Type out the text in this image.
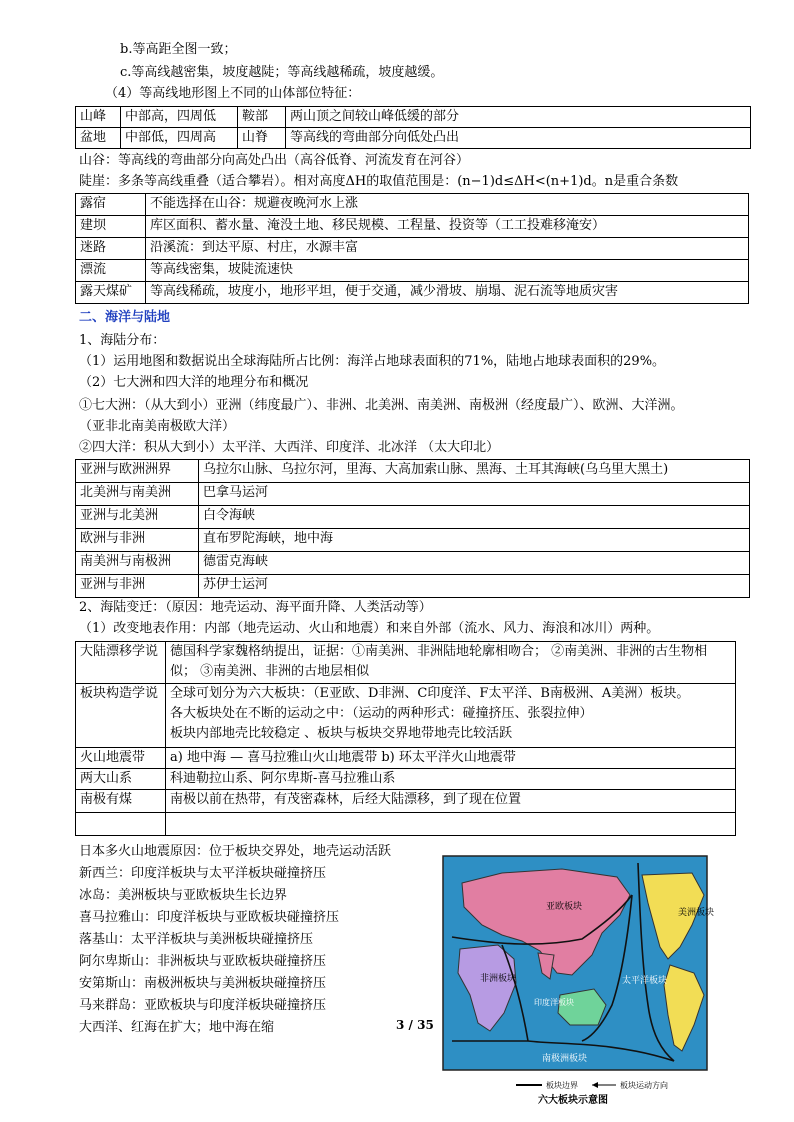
b.等高距全图一致；
c.等高线越密集，坡度越陡；等高线越稀疏，坡度越缓。
（4）等高线地形图上不同的山体部位特征：
山峰	中部高，四周低	鞍部	两山顶之间较山峰低缓的部分
盆地	中部低，四周高	山脊	等高线的弯曲部分向低处凸出
山谷：等高线的弯曲部分向高处凸出（高谷低脊、河流发育在河谷）
陡崖：多条等高线重叠（适合攀岩）。相对高度ΔH的取值范围是：(n−1)d≤ΔH<(n+1)d。n是重合条数
露宿	不能选择在山谷：规避夜晚河水上涨
建坝	库区面积、蓄水量、淹没土地、移民规模、工程量、投资等（工工投难移淹安）
迷路	沿溪流：到达平原、村庄，水源丰富
漂流	等高线密集，坡陡流速快
露天煤矿	等高线稀疏，坡度小，地形平坦，便于交通，减少滑坡、崩塌、泥石流等地质灾害
二、海洋与陆地
1、海陆分布：
（1）运用地图和数据说出全球海陆所占比例：海洋占地球表面积的71%，陆地占地球表面积的29%。
（2）七大洲和四大洋的地理分布和概况
①七大洲：（从大到小）亚洲（纬度最广）、非洲、北美洲、南美洲、南极洲（经度最广）、欧洲、大洋洲。
（亚非北南美南极欧大洋）
②四大洋：积从大到小）太平洋、大西洋、印度洋、北冰洋 （太大印北）
亚洲与欧洲洲界	乌拉尔山脉、乌拉尔河，里海、大高加索山脉、黑海、土耳其海峡(乌乌里大黑土)
北美洲与南美洲	巴拿马运河
亚洲与北美洲	白令海峡
欧洲与非洲	直布罗陀海峡，地中海
南美洲与南极洲	德雷克海峡
亚洲与非洲	苏伊士运河
2、海陆变迁：（原因：地壳运动、海平面升降、人类活动等）
（1）改变地表作用：内部（地壳运动、火山和地震）和来自外部（流水、风力、海浪和冰川）两种。
大陆漂移学说	德国科学家魏格纳提出，证据：①南美洲、非洲陆地轮廓相吻合； ②南美洲、非洲的古生物相似； ③南美洲、非洲的古地层相似
板块构造学说	全球可划分为六大板块：（E亚欧、D非洲、C印度洋、F太平洋、B南极洲、A美洲）板块。
各大板块处在不断的运动之中：（运动的两种形式：碰撞挤压、张裂拉伸）
板块内部地壳比较稳定 、板块与板块交界地带地壳比较活跃

火山地震带	a) 地中海 — 喜马拉雅山火山地震带 b) 环太平洋火山地震带
两大山系	科迪勒拉山系、阿尔卑斯-喜马拉雅山系
南极有煤	南极以前在热带，有茂密森林，后经大陆漂移，到了现在位置

日本多火山地震原因：位于板块交界处，地壳运动活跃
新西兰：印度洋板块与太平洋板块碰撞挤压
冰岛：美洲板块与亚欧板块生长边界
喜马拉雅山：印度洋板块与亚欧板块碰撞挤压
落基山：太平洋板块与美洲板块碰撞挤压
阿尔卑斯山：非洲板块与亚欧板块碰撞挤压
安第斯山：南极洲板块与美洲板块碰撞挤压
马来群岛：亚欧板块与印度洋板块碰撞挤压
大西洋、红海在扩大；地中海在缩	3 / 35
亚欧板块
美洲板块
非洲板块
印度洋板块
太平洋板块
南极洲板块
板块边界	板块运动方向
六大板块示意图
